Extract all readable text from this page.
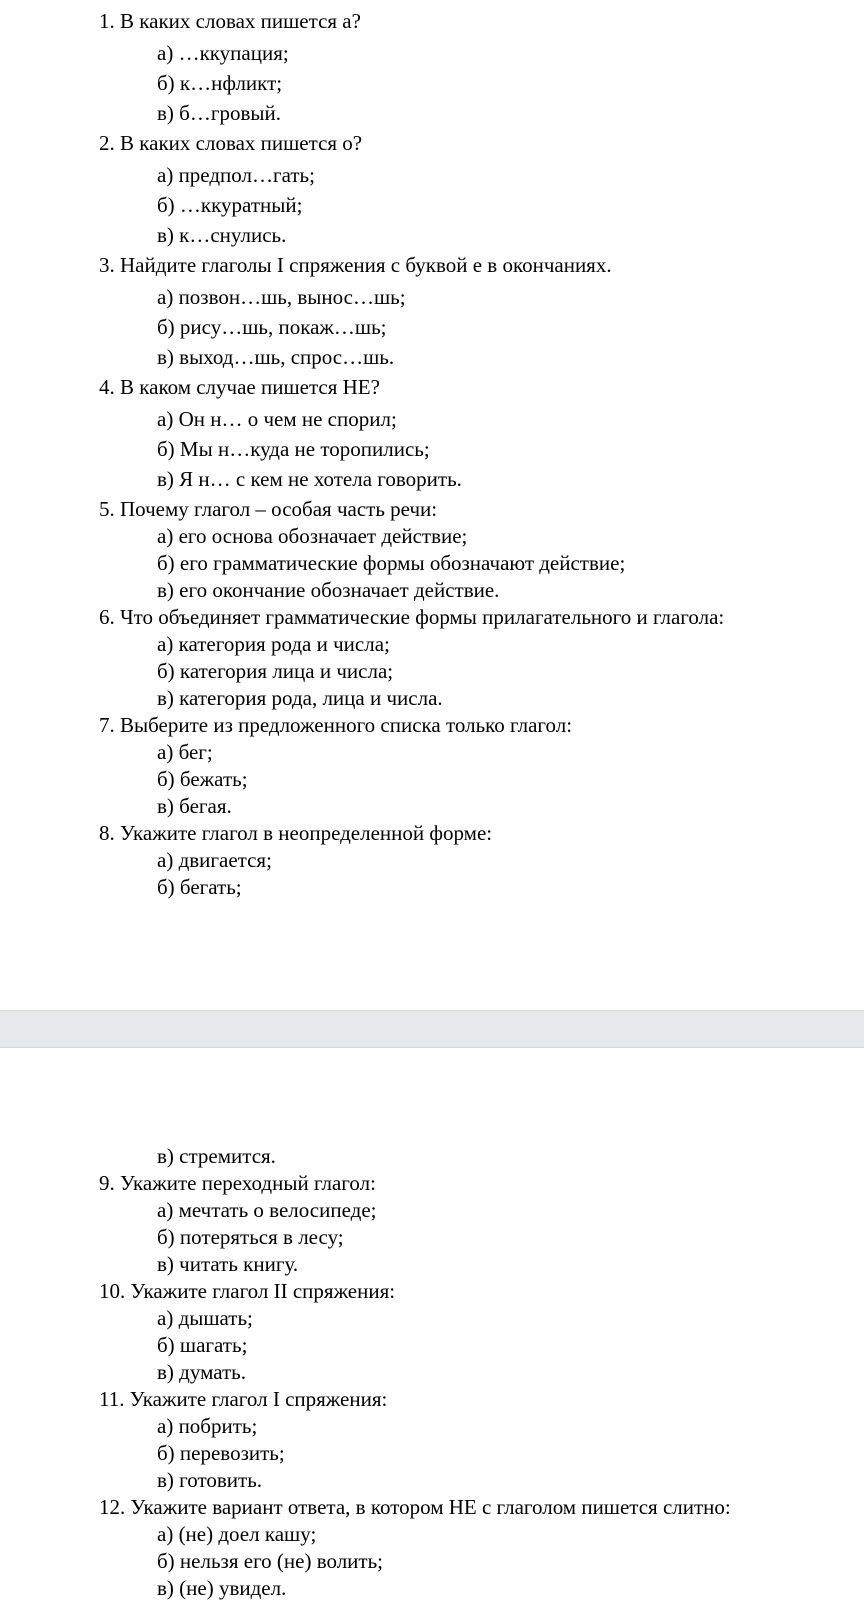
1. В каких словах пишется а?
а) …ккупация;
б) к…нфликт;
в) б…гровый.
2. В каких словах пишется о?
а) предпол…гать;
б) …ккуратный;
в) к…снулись.
3. Найдите глаголы I спряжения с буквой е в окончаниях.
а) позвон…шь, вынос…шь;
б) рису…шь, покаж…шь;
в) выход…шь, спрос…шь.
4. В каком случае пишется НЕ?
а) Он н… о чем не спорил;
б) Мы н…куда не торопились;
в) Я н… с кем не хотела говорить.
5. Почему глагол – особая часть речи:
а) его основа обозначает действие;
б) его грамматические формы обозначают действие;
в) его окончание обозначает действие.
6. Что объединяет грамматические формы прилагательного и глагола:
а) категория рода и числа;
б) категория лица и числа;
в) категория рода, лица и числа.
7. Выберите из предложенного списка только глагол:
а) бег;
б) бежать;
в) бегая.
8. Укажите глагол в неопределенной форме:
а) двигается;
б) бегать;
в) стремится.
9. Укажите переходный глагол:
а) мечтать о велосипеде;
б) потеряться в лесу;
в) читать книгу.
10. Укажите глагол II спряжения:
а) дышать;
б) шагать;
в) думать.
11. Укажите глагол I спряжения:
а) побрить;
б) перевозить;
в) готовить.
12. Укажите вариант ответа, в котором НЕ с глаголом пишется слитно:
а) (не) доел кашу;
б) нельзя его (не) волить;
в) (не) увидел.
